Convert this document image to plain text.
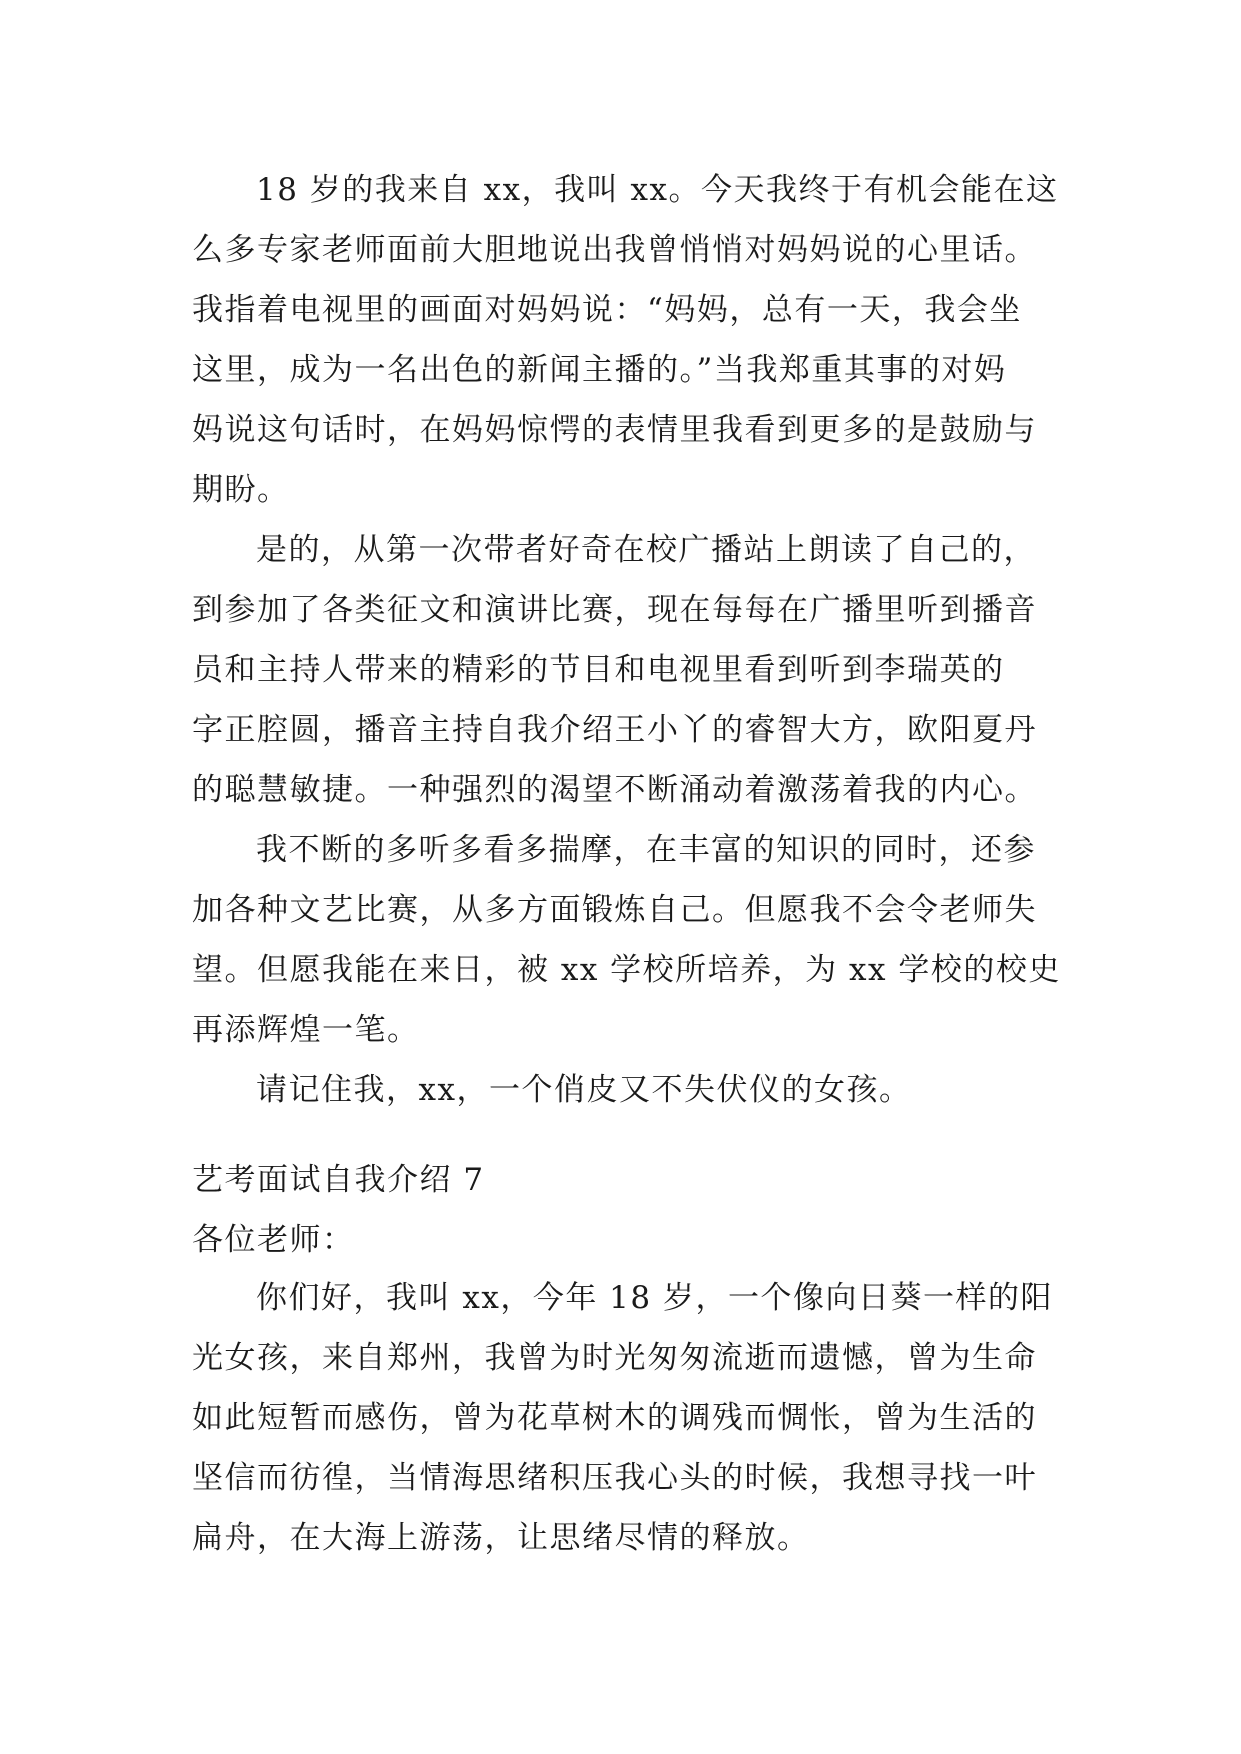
18 岁的我来自 xx，我叫 xx。今天我终于有机会能在这
么多专家老师面前大胆地说出我曾悄悄对妈妈说的心里话。
我指着电视里的画面对妈妈说：“妈妈，总有一天，我会坐
这里，成为一名出色的新闻主播的。”当我郑重其事的对妈
妈说这句话时，在妈妈惊愕的表情里我看到更多的是鼓励与
期盼。
是的，从第一次带者好奇在校广播站上朗读了自己的，
到参加了各类征文和演讲比赛，现在每每在广播里听到播音
员和主持人带来的精彩的节目和电视里看到听到李瑞英的
字正腔圆，播音主持自我介绍王小丫的睿智大方，欧阳夏丹
的聪慧敏捷。一种强烈的渴望不断涌动着激荡着我的内心。
我不断的多听多看多揣摩，在丰富的知识的同时，还参
加各种文艺比赛，从多方面锻炼自己。但愿我不会令老师失
望。但愿我能在来日，被 xx 学校所培养，为 xx 学校的校史
再添辉煌一笔。
请记住我，xx，一个俏皮又不失伏仪的女孩。
艺考面试自我介绍 7
各位老师：
你们好，我叫 xx，今年 18 岁，一个像向日葵一样的阳
光女孩，来自郑州，我曾为时光匆匆流逝而遗憾，曾为生命
如此短暂而感伤，曾为花草树木的调残而惆怅，曾为生活的
坚信而彷徨，当情海思绪积压我心头的时候，我想寻找一叶
扁舟，在大海上游荡，让思绪尽情的释放。
